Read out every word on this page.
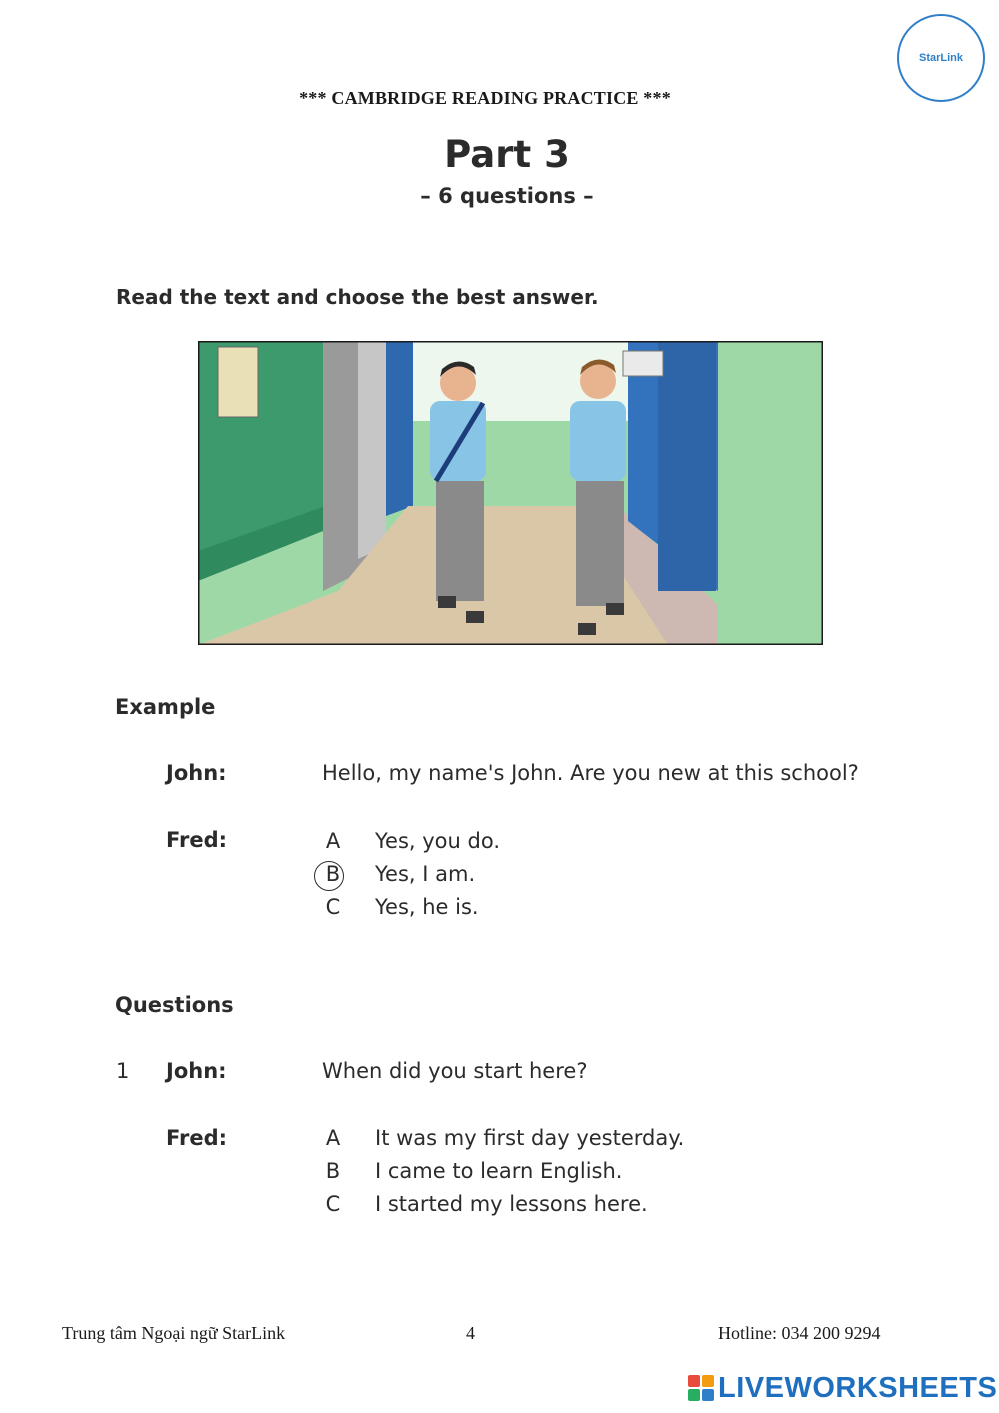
*** CAMBRIDGE READING PRACTICE ***
StarLink
Part 3
– 6 questions –
Read the text and choose the best answer.
Example
John:	Hello, my name's John. Are you new at this school?
Fred:	A Yes, you do.
B Yes, I am.
C Yes, he is.
Questions
1 John:	When did you start here?
Fred:	A It was my first day yesterday.
B I came to learn English.
C I started my lessons here.
Trung tâm Ngoại ngữ StarLink	4	Hotline: 034 200 9294
LIVEWORKSHEETS
